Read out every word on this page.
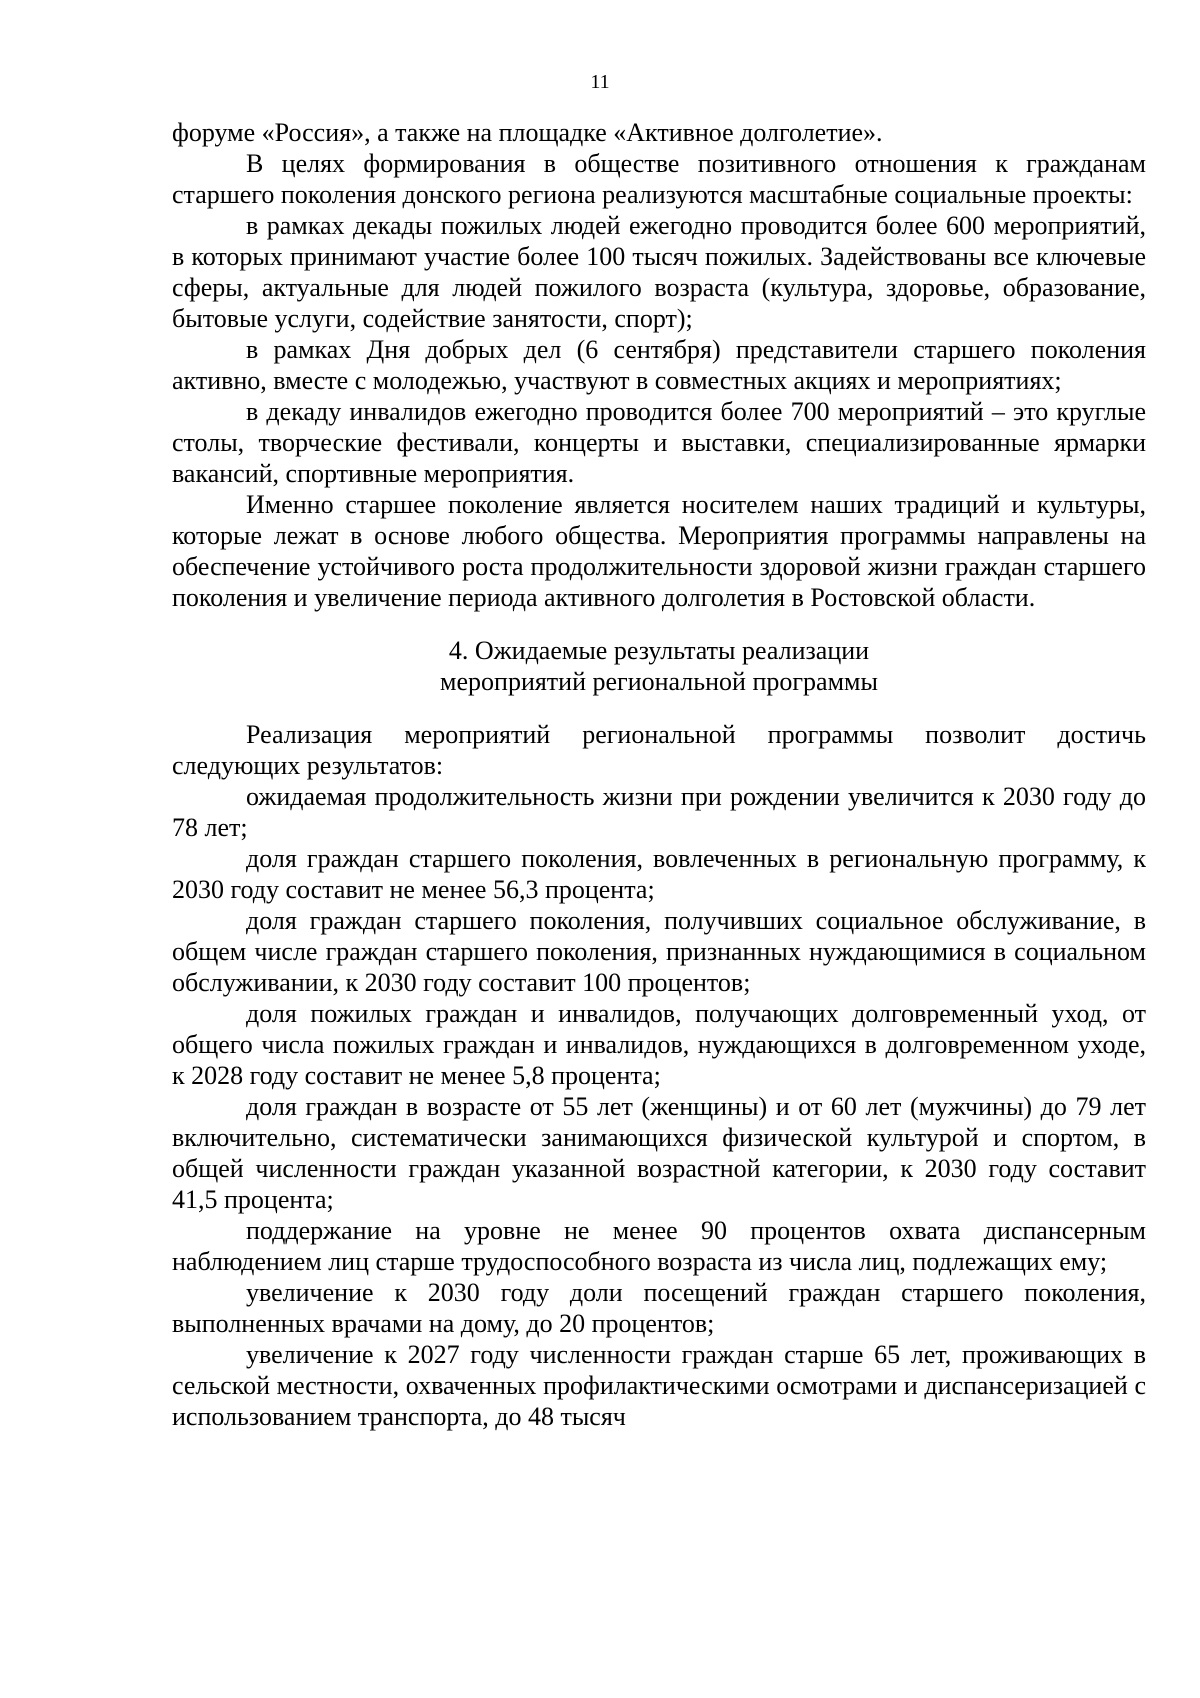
11

форуме «Россия», а также на площадке «Активное долголетие».

В целях формирования в обществе позитивного отношения к гражданам старшего поколения донского региона реализуются масштабные социальные проекты:

в рамках декады пожилых людей ежегодно проводится более 600 мероприятий, в которых принимают участие более 100 тысяч пожилых. Задействованы все ключевые сферы, актуальные для людей пожилого возраста (культура, здоровье, образование, бытовые услуги, содействие занятости, спорт);

в рамках Дня добрых дел (6 сентября) представители старшего поколения активно, вместе с молодежью, участвуют в совместных акциях и мероприятиях;

в декаду инвалидов ежегодно проводится более 700 мероприятий – это круглые столы, творческие фестивали, концерты и выставки, специализированные ярмарки вакансий, спортивные мероприятия.

Именно старшее поколение является носителем наших традиций и культуры, которые лежат в основе любого общества. Мероприятия программы направлены на обеспечение устойчивого роста продолжительности здоровой жизни граждан старшего поколения и увеличение периода активного долголетия в Ростовской области.

4. Ожидаемые результаты реализации
мероприятий региональной программы

Реализация мероприятий региональной программы позволит достичь следующих результатов:

ожидаемая продолжительность жизни при рождении увеличится к 2030 году до 78 лет;

доля граждан старшего поколения, вовлеченных в региональную программу, к 2030 году составит не менее 56,3 процента;

доля граждан старшего поколения, получивших социальное обслуживание, в общем числе граждан старшего поколения, признанных нуждающимися в социальном обслуживании, к 2030 году составит 100 процентов;

доля пожилых граждан и инвалидов, получающих долговременный уход, от общего числа пожилых граждан и инвалидов, нуждающихся в долговременном уходе, к 2028 году составит не менее 5,8 процента;

доля граждан в возрасте от 55 лет (женщины) и от 60 лет (мужчины) до 79 лет включительно, систематически занимающихся физической культурой и спортом, в общей численности граждан указанной возрастной категории, к 2030 году составит 41,5 процента;

поддержание на уровне не менее 90 процентов охвата диспансерным наблюдением лиц старше трудоспособного возраста из числа лиц, подлежащих ему;

увеличение к 2030 году доли посещений граждан старшего поколения, выполненных врачами на дому, до 20 процентов;

увеличение к 2027 году численности граждан старше 65 лет, проживающих в сельской местности, охваченных профилактическими осмотрами и диспансеризацией с использованием транспорта, до 48 тысяч
